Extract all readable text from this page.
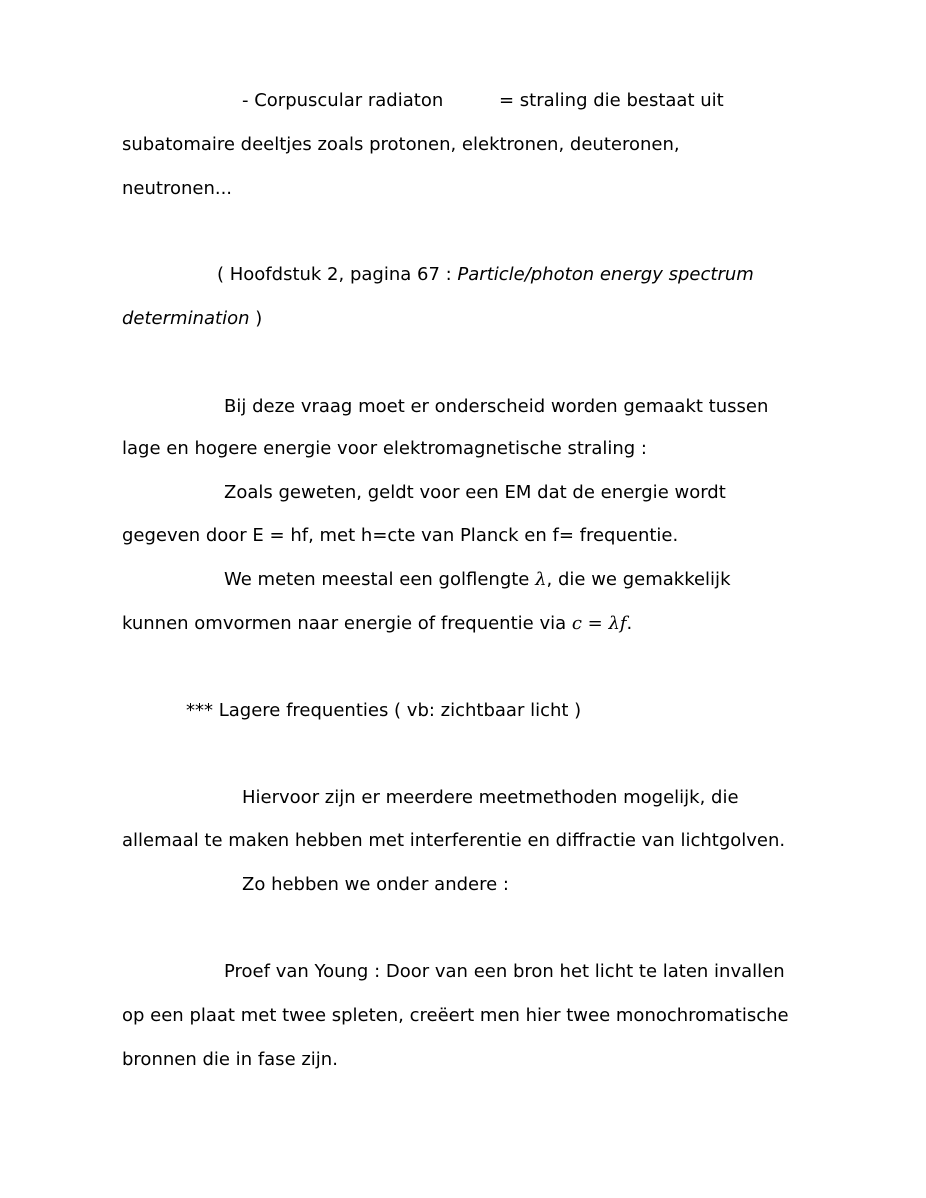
- Corpuscular radiaton	= straling die bestaat uit
subatomaire deeltjes zoals protonen, elektronen, deuteronen,
neutronen...
( Hoofdstuk 2, pagina 67 : Particle/photon energy spectrum
determination )
Bij deze vraag moet er onderscheid worden gemaakt tussen
lage en hogere energie voor elektromagnetische straling :
Zoals geweten, geldt voor een EM dat de energie wordt
gegeven door E = hf, met h=cte van Planck en f= frequentie.
We meten meestal een golflengte λ, die we gemakkelijk
kunnen omvormen naar energie of frequentie via c = λf.
*** Lagere frequenties ( vb: zichtbaar licht )
Hiervoor zijn er meerdere meetmethoden mogelijk, die
allemaal te maken hebben met interferentie en diffractie van lichtgolven.
Zo hebben we onder andere :
Proef van Young : Door van een bron het licht te laten invallen
op een plaat met twee spleten, creëert men hier twee monochromatische
bronnen die in fase zijn.
